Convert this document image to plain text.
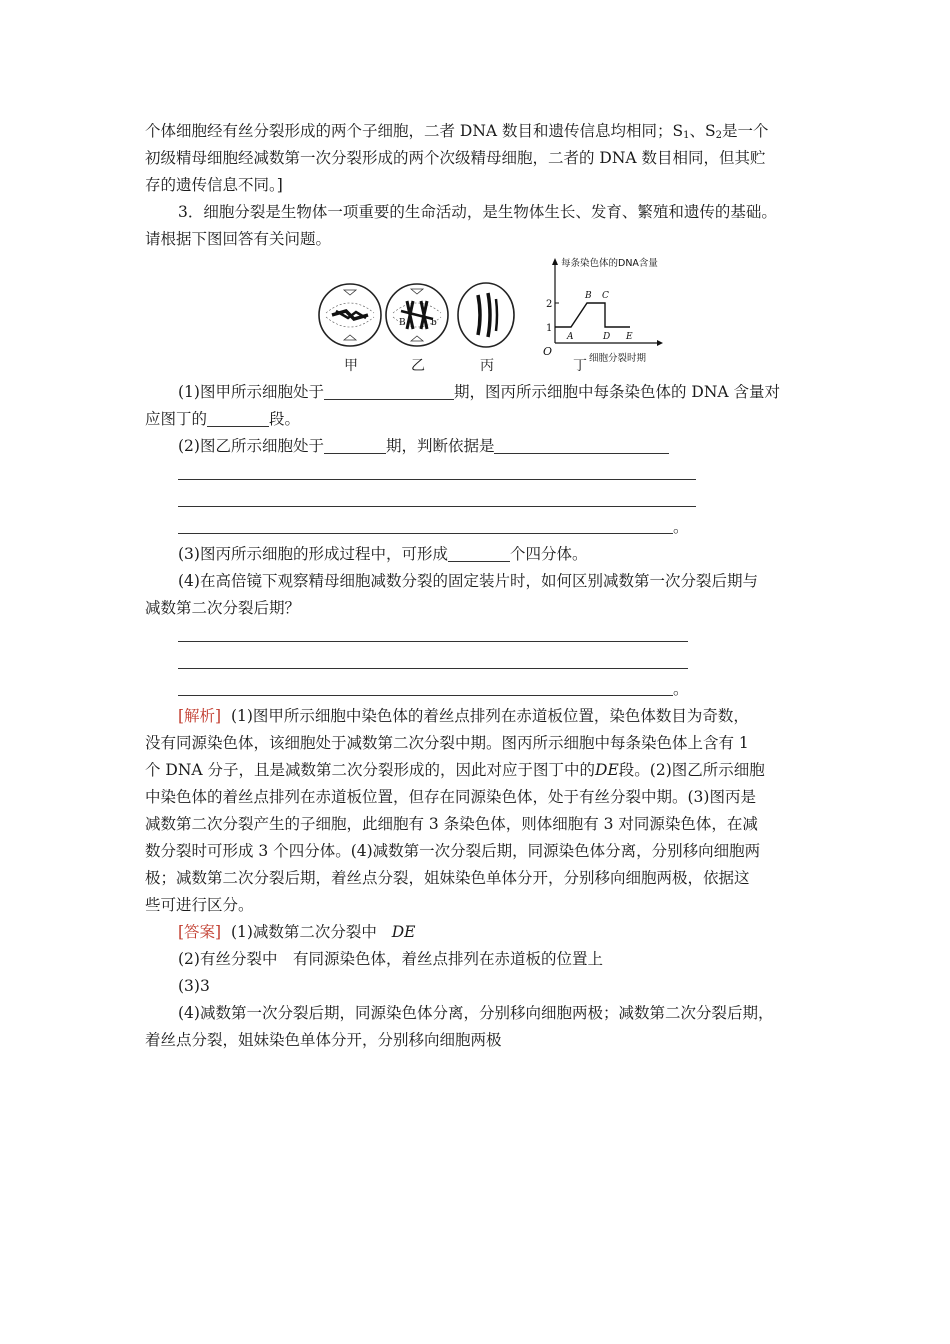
个体细胞经有丝分裂形成的两个子细胞，二者 DNA 数目和遗传信息均相同；$S_1$、$S_2$是一个
初级精母细胞经减数第一次分裂形成的两个次级精母细胞，二者的 DNA 数目相同，但其贮
存的遗传信息不同。]
3．细胞分裂是生物体一项重要的生命活动，是生物体生长、发育、繁殖和遗传的基础。
请根据下图回答有关问题。
B	b
每条染色体的DNA含量
细胞分裂时期
O
2
1
A
B C
D E
甲	乙	丙	丁
(1)图甲所示细胞处于	期，图丙所示细胞中每条染色体的 DNA 含量对
应图丁的	段。
(2)图乙所示细胞处于	期，判断依据是
。
(3)图丙所示细胞的形成过程中，可形成	个四分体。
(4)在高倍镜下观察精母细胞减数分裂的固定装片时，如何区别减数第一次分裂后期与
减数第二次分裂后期？
。
[解析] (1)图甲所示细胞中染色体的着丝点排列在赤道板位置，染色体数目为奇数，
没有同源染色体，该细胞处于减数第二次分裂中期。图丙所示细胞中每条染色体上含有 1
个 DNA 分子，且是减数第二次分裂形成的，因此对应于图丁中的DE段。(2)图乙所示细胞
中染色体的着丝点排列在赤道板位置，但存在同源染色体，处于有丝分裂中期。(3)图丙是
减数第二次分裂产生的子细胞，此细胞有 3 条染色体，则体细胞有 3 对同源染色体，在减
数分裂时可形成 3 个四分体。(4)减数第一次分裂后期，同源染色体分离，分别移向细胞两
极；减数第二次分裂后期，着丝点分裂，姐妹染色单体分开，分别移向细胞两极，依据这
些可进行区分。
[答案] (1)减数第二次分裂中 DE
(2)有丝分裂中　有同源染色体，着丝点排列在赤道板的位置上
(3)3
(4)减数第一次分裂后期，同源染色体分离，分别移向细胞两极；减数第二次分裂后期，
着丝点分裂，姐妹染色单体分开，分别移向细胞两极
